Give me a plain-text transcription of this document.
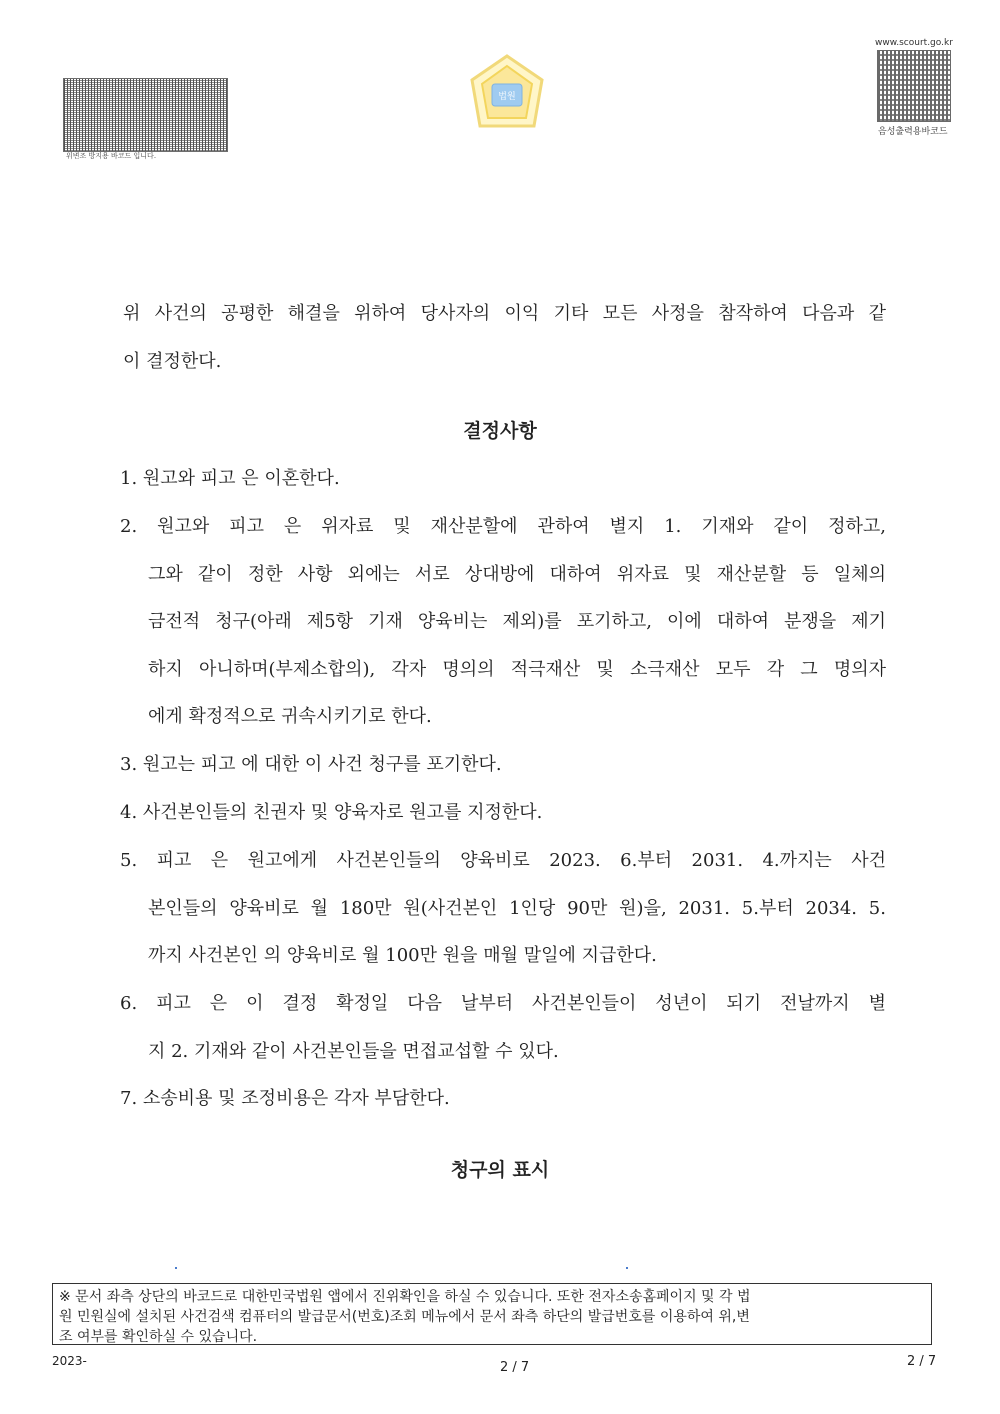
위변조 방지용 바코드 입니다.
법원
www.scourt.go.kr
음성출력용바코드
위 사건의 공평한 해결을 위하여 당사자의 이익 기타 모든 사정을 참작하여 다음과 같
이 결정한다.
결정사항
1. 원고와 피고 은 이혼한다.
2. 원고와 피고 은 위자료 및 재산분할에 관하여 별지 1. 기재와 같이 정하고,
그와 같이 정한 사항 외에는 서로 상대방에 대하여 위자료 및 재산분할 등 일체의
금전적 청구(아래 제5항 기재 양육비는 제외)를 포기하고, 이에 대하여 분쟁을 제기
하지 아니하며(부제소합의), 각자 명의의 적극재산 및 소극재산 모두 각 그 명의자
에게 확정적으로 귀속시키기로 한다.
3. 원고는 피고 에 대한 이 사건 청구를 포기한다.
4. 사건본인들의 친권자 및 양육자로 원고를 지정한다.
5. 피고 은 원고에게 사건본인들의 양육비로 2023. 6.부터 2031. 4.까지는 사건
본인들의 양육비로 월 180만 원(사건본인 1인당 90만 원)을, 2031. 5.부터 2034. 5.
까지 사건본인 의 양육비로 월 100만 원을 매월 말일에 지급한다.
6. 피고 은 이 결정 확정일 다음 날부터 사건본인들이 성년이 되기 전날까지 별
지 2. 기재와 같이 사건본인들을 면접교섭할 수 있다.
7. 소송비용 및 조정비용은 각자 부담한다.
청구의 표시
※ 문서 좌측 상단의 바코드로 대한민국법원 앱에서 진위확인을 하실 수 있습니다. 또한 전자소송홈페이지 및 각 법
원 민원실에 설치된 사건검색 컴퓨터의 발급문서(번호)조회 메뉴에서 문서 좌측 하단의 발급번호를 이용하여 위,변
조 여부를 확인하실 수 있습니다.
2023-	2 / 7	2 / 7
